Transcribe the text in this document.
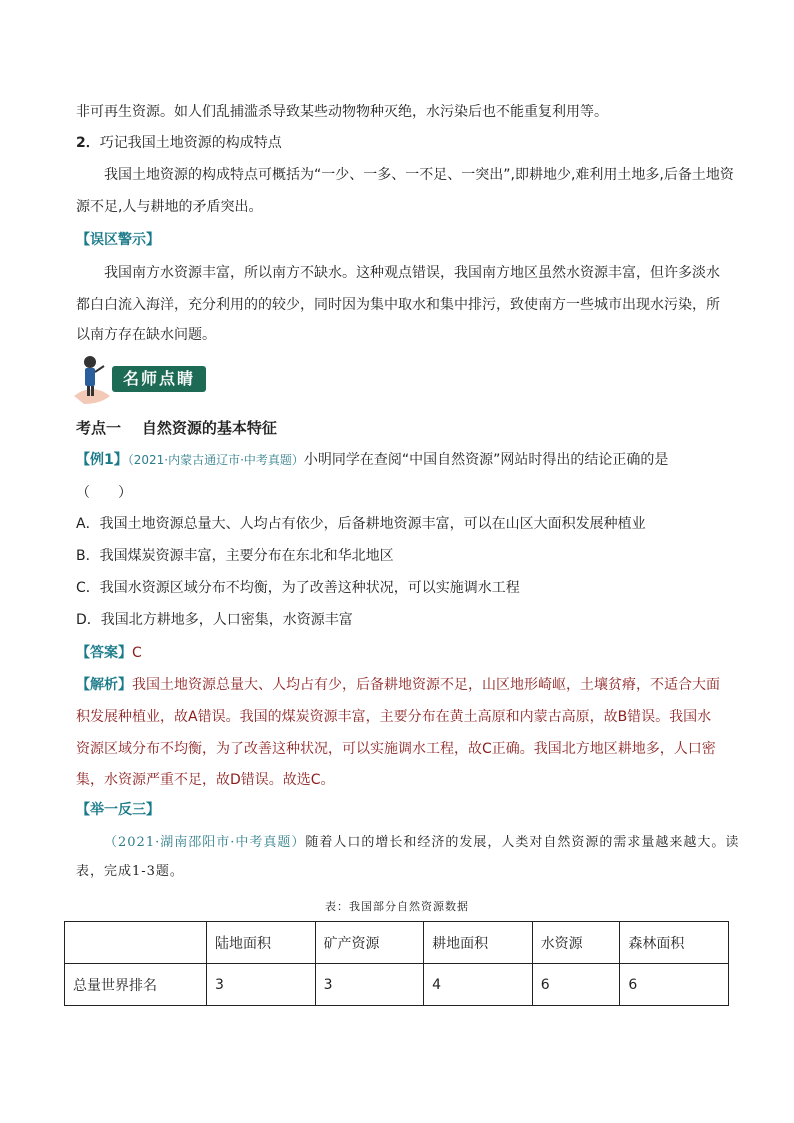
非可再生资源。如人们乱捕滥杀导致某些动物物种灭绝，水污染后也不能重复利用等。
2．巧记我国土地资源的构成特点
我国土地资源的构成特点可概括为“一少、一多、一不足、一突出”,即耕地少,难利用土地多,后备土地资
源不足,人与耕地的矛盾突出。
【误区警示】
我国南方水资源丰富，所以南方不缺水。这种观点错误，我国南方地区虽然水资源丰富，但许多淡水
都白白流入海洋，充分利用的的较少，同时因为集中取水和集中排污，致使南方一些城市出现水污染，所
以南方存在缺水问题。
名师点睛
考点一 自然资源的基本特征
【例1】（2021·内蒙古通辽市·中考真题）小明同学在查阅“中国自然资源”网站时得出的结论正确的是
（　　）
A．我国土地资源总量大、人均占有依少，后备耕地资源丰富，可以在山区大面积发展种植业
B．我国煤炭资源丰富，主要分布在东北和华北地区
C．我国水资源区域分布不均衡，为了改善这种状况，可以实施调水工程
D．我国北方耕地多，人口密集，水资源丰富
【答案】C
【解析】我国土地资源总量大、人均占有少，后备耕地资源不足，山区地形崎岖，土壤贫瘠，不适合大面
积发展种植业，故A错误。我国的煤炭资源丰富，主要分布在黄土高原和内蒙古高原，故B错误。我国水
资源区域分布不均衡，为了改善这种状况，可以实施调水工程，故C正确。我国北方地区耕地多，人口密
集，水资源严重不足，故D错误。故选C。
【举一反三】
（2021·湖南邵阳市·中考真题）随着人口的增长和经济的发展，人类对自然资源的需求量越来越大。读
表，完成1-3题。
表：我国部分自然资源数据
	陆地面积	矿产资源	耕地面积	水资源	森林面积
总量世界排名	3	3	4	6	6
